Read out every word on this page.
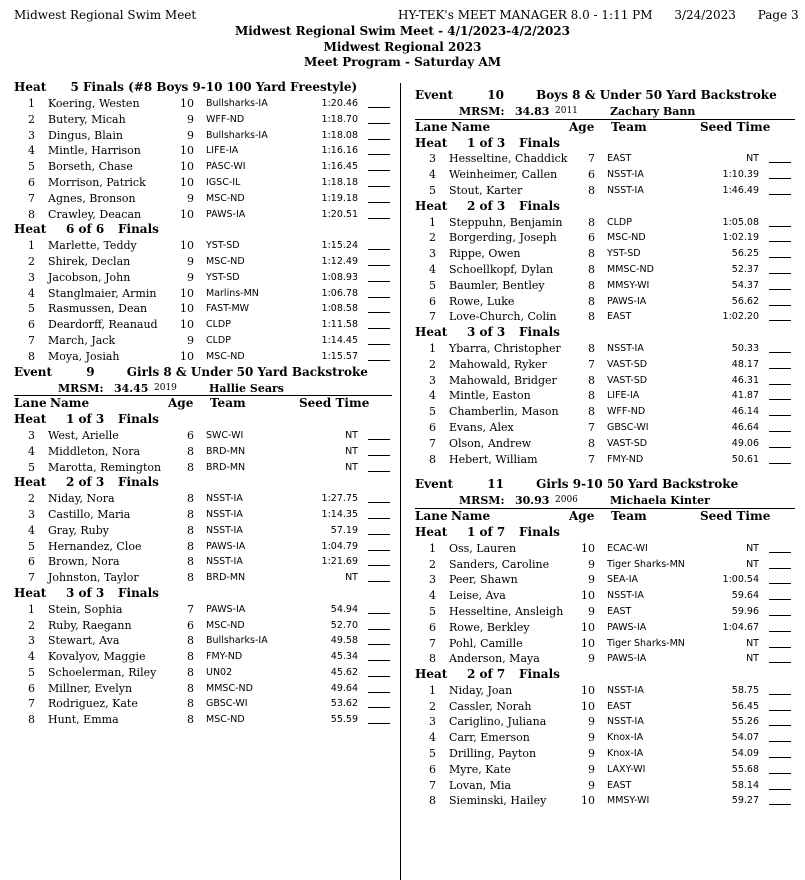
Midwest Regional Swim Meet	HY-TEK's MEET MANAGER 8.0 - 1:11 PM 3/24/2023 Page 3
Midwest Regional Swim Meet - 4/1/2023-4/2/2023
Midwest Regional 2023
Meet Program - Saturday AM
Heat 5 Finals (#8 Boys 9-10 100 Yard Freestyle)
1 Koering, Westen	10 Bullsharks-IA	1:20.46
2 Butery, Micah	9 WFF-ND	1:18.70
3 Dingus, Blain	9 Bullsharks-IA	1:18.08
4 Mintle, Harrison	10 LIFE-IA	1:16.16
5 Borseth, Chase	10 PASC-WI	1:16.45
6 Morrison, Patrick	10 IGSC-IL	1:18.18
7 Agnes, Bronson	9 MSC-ND	1:19.18
8 Crawley, Deacan	10 PAWS-IA	1:20.51
Heat 6 of 6 Finals
1 Marlette, Teddy	10 YST-SD	1:15.24
2 Shirek, Declan	9 MSC-ND	1:12.49
3 Jacobson, John	9 YST-SD	1:08.93
4 Stanglmaier, Armin 10 Marlins-MN	1:06.78
5 Rasmussen, Dean	10 FAST-MW	1:08.58
6 Deardorff, Reanaud 10 CLDP	1:11.58
7 March, Jack	9 CLDP	1:14.45
8 Moya, Josiah	10 MSC-ND	1:15.57
Event	9	Girls 8 & Under 50 Yard Backstroke
MRSM: 34.45 2019	Hallie Sears
Lane Name	Age Team	Seed Time
Heat 1 of 3 Finals
3 West, Arielle	6 SWC-WI	NT
4 Middleton, Nora	8 BRD-MN	NT
5 Marotta, Remington	8 BRD-MN	NT
Heat 2 of 3 Finals
2 Niday, Nora	8 NSST-IA	1:27.75
3 Castillo, Maria	8 NSST-IA	1:14.35
4 Gray, Ruby	8 NSST-IA	57.19
5 Hernandez, Cloe	8 PAWS-IA	1:04.79
6 Brown, Nora	8 NSST-IA	1:21.69
7 Johnston, Taylor	8 BRD-MN	NT
Heat 3 of 3 Finals
1 Stein, Sophia	7 PAWS-IA	54.94
2 Ruby, Raegann	6 MSC-ND	52.70
3 Stewart, Ava	8 Bullsharks-IA	49.58
4 Kovalyov, Maggie	8 FMY-ND	45.34
5 Schoelerman, Riley	8 UN02	45.62
6 Millner, Evelyn	8 MMSC-ND	49.64
7 Rodriguez, Kate	8 GBSC-WI	53.62
8 Hunt, Emma	8 MSC-ND	55.59
Event	10	Boys 8 & Under 50 Yard Backstroke
MRSM: 34.83 2011	Zachary Bann
Lane Name	Age Team	Seed Time
Heat 1 of 3 Finals
3 Hesseltine, Chaddick	7 EAST	NT
4 Weinheimer, Callen	6 NSST-IA	1:10.39
5 Stout, Karter	8 NSST-IA	1:46.49
Heat 2 of 3 Finals
1 Steppuhn, Benjamin	8 CLDP	1:05.08
2 Borgerding, Joseph	6 MSC-ND	1:02.19
3 Rippe, Owen	8 YST-SD	56.25
4 Schoellkopf, Dylan	8 MMSC-ND	52.37
5 Baumler, Bentley	8 MMSY-WI	54.37
6 Rowe, Luke	8 PAWS-IA	56.62
7 Love-Church, Colin	8 EAST	1:02.20
Heat 3 of 3 Finals
1 Ybarra, Christopher	8 NSST-IA	50.33
2 Mahowald, Ryker	7 VAST-SD	48.17
3 Mahowald, Bridger	8 VAST-SD	46.31
4 Mintle, Easton	8 LIFE-IA	41.87
5 Chamberlin, Mason	8 WFF-ND	46.14
6 Evans, Alex	7 GBSC-WI	46.64
7 Olson, Andrew	8 VAST-SD	49.06
8 Hebert, William	7 FMY-ND	50.61
Event	11	Girls 9-10 50 Yard Backstroke
MRSM: 30.93 2006	Michaela Kinter
Lane Name	Age Team	Seed Time
Heat 1 of 7 Finals
1 Oss, Lauren	10 ECAC-WI	NT
2 Sanders, Caroline	9 Tiger Sharks-MN	NT
3 Peer, Shawn	9 SEA-IA	1:00.54
4 Leise, Ava	10 NSST-IA	59.64
5 Hesseltine, Ansleigh	9 EAST	59.96
6 Rowe, Berkley	10 PAWS-IA	1:04.67
7 Pohl, Camille	10 Tiger Sharks-MN	NT
8 Anderson, Maya	9 PAWS-IA	NT
Heat 2 of 7 Finals
1 Niday, Joan	10 NSST-IA	58.75
2 Cassler, Norah	10 EAST	56.45
3 Cariglino, Juliana	9 NSST-IA	55.26
4 Carr, Emerson	9 Knox-IA	54.07
5 Drilling, Payton	9 Knox-IA	54.09
6 Myre, Kate	9 LAXY-WI	55.68
7 Lovan, Mia	9 EAST	58.14
8 Sieminski, Hailey	10 MMSY-WI	59.27
